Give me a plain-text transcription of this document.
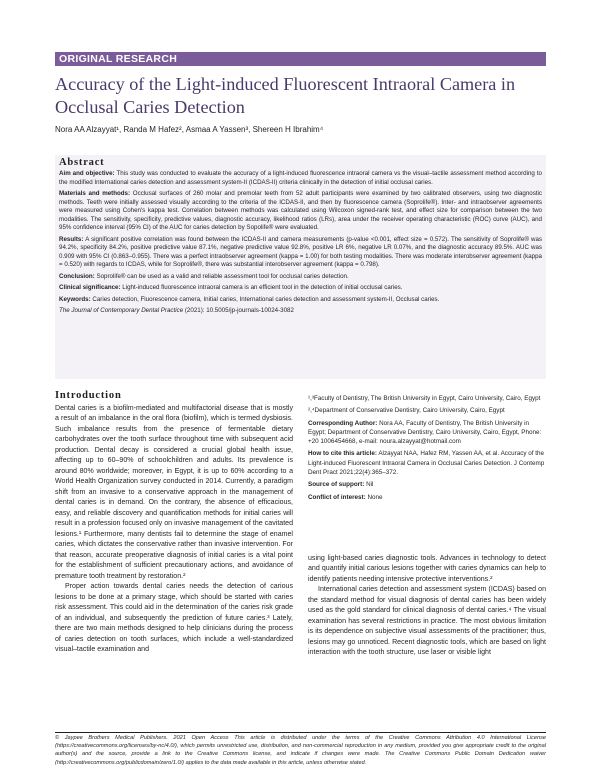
ORIGINAL RESEARCH
Accuracy of the Light-induced Fluorescent Intraoral Camera in Occlusal Caries Detection
Nora AA Alzayyat¹, Randa M Hafez², Asmaa A Yassen³, Shereen H Ibrahim⁴
Abstract

Aim and objective: This study was conducted to evaluate the accuracy of a light-induced fluorescence intraoral camera vs the visual–tactile assessment method according to the modified International caries detection and assessment system-II (ICDAS-II) criteria clinically in the detection of initial occlusal caries.

Materials and methods: Occlusal surfaces of 260 molar and premolar teeth from 52 adult participants were examined by two calibrated observers, using two diagnostic methods. Teeth were initially assessed visually according to the criteria of the ICDAS-II, and then by fluorescence camera (Soprolife®). Inter- and intraobserver agreements were measured using Cohen's kappa test. Correlation between methods was calculated using Wilcoxon signed-rank test, and effect size for comparison between the two modalities. The sensitivity, specificity, predictive values, diagnostic accuracy, likelihood ratios (LRs), area under the receiver operating characteristic (ROC) curve (AUC), and 95% confidence interval (95% CI) of the AUC for caries detection by Sopolife® were evaluated.

Results: A significant positive correlation was found between the ICDAS-II and camera measurements (p-value <0.001, effect size = 0.572). The sensitivity of Soprolife® was 94.2%, specificity 84.2%, positive predictive value 87.1%, negative predictive value 92.8%, positive LR 6%, negative LR 0.07%, and the diagnostic accuracy 89.5%. AUC was 0.909 with 95% CI (0.863–0.955). There was a perfect intraobserver agreement (kappa = 1.00) for both testing modalities. There was moderate interobserver agreement (kappa = 0.520) with regards to ICDAS, while for Soprolife®, there was substantial interobserver agreement (kappa = 0.798).

Conclusion: Soprolife® can be used as a valid and reliable assessment tool for occlusal caries detection.

Clinical significance: Light-induced fluorescence intraoral camera is an efficient tool in the detection of initial occlusal caries.

Keywords: Caries detection, Fluorescence camera, Initial caries, International caries detection and assessment system-II, Occlusal caries.

The Journal of Contemporary Dental Practice (2021): 10.5005/jp-journals-10024-3082

Introduction

Dental caries is a biofilm-mediated and multifactorial disease that is mostly a result of an imbalance in the oral flora (biofilm), which is termed dysbiosis. Such imbalance results from the presence of fermentable dietary carbohydrates over the tooth surface throughout time with subsequent acid production. Dental decay is considered a crucial global health issue, affecting up to 60–90% of schoolchildren and adults. Its prevalence is around 80% worldwide; moreover, in Egypt, it is up to 60% according to a World Health Organization survey conducted in 2014. Currently, a paradigm shift from an invasive to a conservative approach in the management of dental caries is in demand. On the contrary, the absence of efficacious, easy, and reliable discovery and quantification methods for initial caries will result in a profession focused only on invasive management of the cavitated lesions.¹ Furthermore, many dentists fail to determine the stage of enamel caries, which dictates the conservative rather than invasive intervention. For that reason, accurate preoperative diagnosis of initial caries is a vital point for the establishment of sufficient precautionary actions, and avoidance of premature tooth treatment by restoration.²

Proper action towards dental caries needs the detection of carious lesions to be done at a primary stage, which should be started with caries risk assessment. This could aid in the determination of the caries risk grade of an individual, and subsequently the prediction of future caries.³ Lately, there are two main methods designed to help clinicians during the process of caries detection on tooth surfaces, which include a well-standardized visual–tactile examination and

¹,³Faculty of Dentistry, The British University in Egypt, Cairo University, Cairo, Egypt

²,⁴Department of Conservative Dentistry, Cairo University, Cairo, Egypt

Corresponding Author: Nora AA, Faculty of Dentistry, The British University in Egypt; Department of Conservative Dentistry, Cairo University, Cairo, Egypt, Phone: +20 1006454668, e-mail: noura.alzayyat@hotmail.com

How to cite this article: Alzayyat NAA, Hafez RM, Yassen AA, et al. Accuracy of the Light-induced Fluorescent Intraoral Camera in Occlusal Caries Detection. J Contemp Dent Pract 2021;22(4):365–372.

Source of support: Nil

Conflict of interest: None

using light-based caries diagnostic tools. Advances in technology to detect and quantify initial carious lesions together with caries dynamics can help to identify patients needing intensive protective interventions.²

International caries detection and assessment system (ICDAS) based on the standard method for visual diagnosis of dental caries has been widely used as the gold standard for clinical diagnosis of dental caries.⁴ The visual examination has several restrictions in practice. The most obvious limitation is its dependence on subjective visual assessments of the practitioner; thus, lesions may go unnoticed. Recent diagnostic tools, which are based on light interaction with the tooth structure, use laser or visible light

© Jaypee Brothers Medical Publishers. 2021 Open Access This article is distributed under the terms of the Creative Commons Attribution 4.0 International License (https://creativecommons.org/licenses/by-nc/4.0/), which permits unrestricted use, distribution, and non-commercial reproduction in any medium, provided you give appropriate credit to the original author(s) and the source, provide a link to the Creative Commons license, and indicate if changes were made. The Creative Commons Public Domain Dedication waiver (http://creativecommons.org/publicdomain/zero/1.0/) applies to the data made available in this article, unless otherwise stated.
